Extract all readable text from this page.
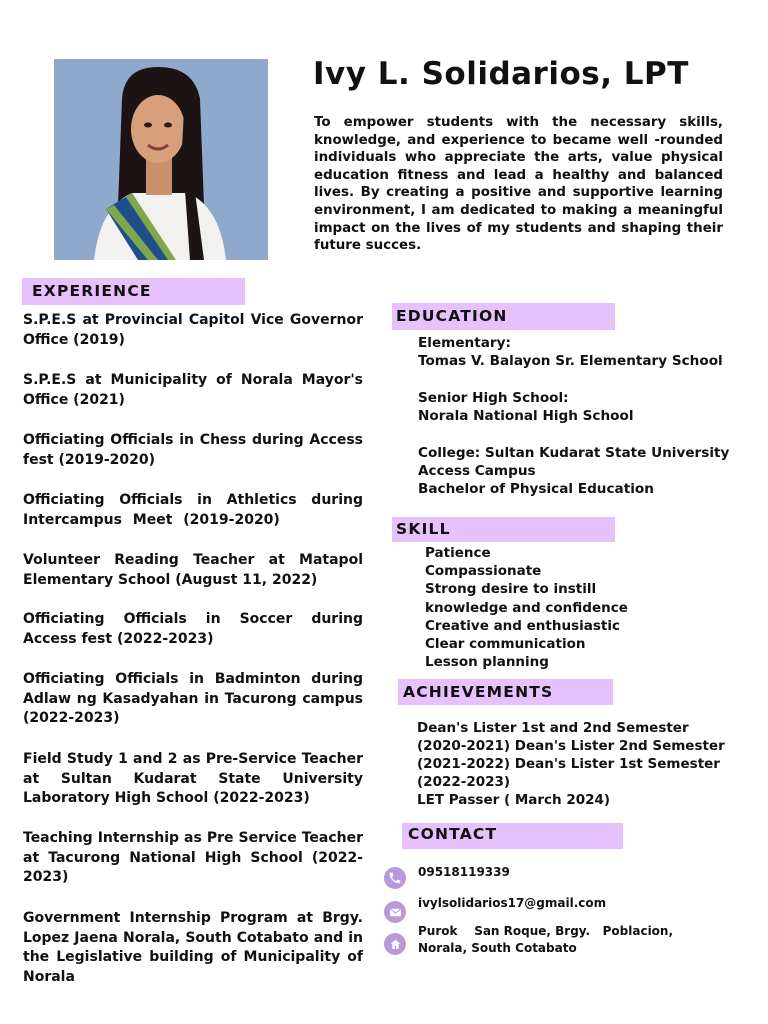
Ivy L. Solidarios, LPT

To empower students with the necessary skills, knowledge, and experience to became well -rounded individuals who appreciate the arts, value physical education fitness and lead a healthy and balanced lives. By creating a positive and supportive learning environment, I am dedicated to making a meaningful impact on the lives of my students and shaping their future succes.

EXPERIENCE
S.P.E.S at Provincial Capitol Vice Governor Office (2019)
S.P.E.S at Municipality of Norala Mayor's Office (2021)
Officiating Officials in Chess during Access fest (2019-2020)
Officiating Officials in Athletics during Intercampus Meet (2019-2020)
Volunteer Reading Teacher at Matapol Elementary School (August 11, 2022)
Officiating Officials in Soccer during Access fest (2022-2023)
Officiating Officials in Badminton during Adlaw ng Kasadyahan in Tacurong campus (2022-2023)
Field Study 1 and 2 as Pre-Service Teacher at Sultan Kudarat State University Laboratory High School (2022-2023)
Teaching Internship as Pre Service Teacher at Tacurong National High School (2022-2023)
Government Internship Program at Brgy. Lopez Jaena Norala, South Cotabato and in the Legislative building of Municipality of Norala
EDUCATION
Elementary:
Tomas V. Balayon Sr. Elementary School
Senior High School:
Norala National High School
College: Sultan Kudarat State University
Access Campus
Bachelor of Physical Education
SKILL
Patience
Compassionate
Strong desire to instill
knowledge and confidence
Creative and enthusiastic
Clear communication
Lesson planning
ACHIEVEMENTS
Dean's Lister 1st and 2nd Semester
(2020-2021) Dean's Lister 2nd Semester
(2021-2022) Dean's Lister 1st Semester
(2022-2023)
LET Passer ( March 2024)
CONTACT
09518119339
ivylsolidarios17@gmail.com
Purok    San Roque, Brgy.   Poblacion,
Norala, South Cotabato
